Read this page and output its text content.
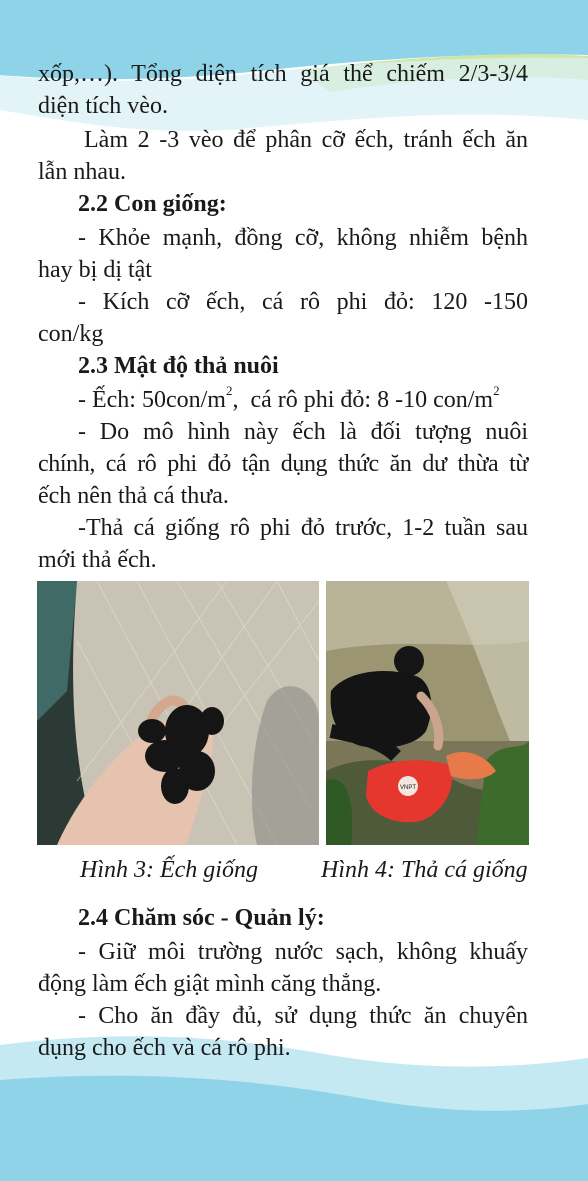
xốp,…). Tổng diện tích giá thể chiếm 2/3-3/4

diện tích vèo.

Làm 2 -3 vèo để phân cỡ ếch, tránh ếch ăn

lẫn nhau.

2.2 Con giống:

- Khỏe mạnh, đồng cỡ, không nhiễm bệnh

hay bị dị tật

- Kích cỡ ếch, cá rô phi đỏ: 120 -150

con/kg

2.3 Mật độ thả nuôi

- Ếch: $50con/m^2$,  cá rô phi đỏ: 8 -10 con/$m^2$

- Do mô hình này ếch là đối tượng nuôi

chính, cá rô phi đỏ tận dụng thức ăn dư thừa từ

ếch nên thả cá thưa.

-Thả cá giống rô phi đỏ trước, 1-2 tuần sau

mới thả ếch.

VNPT
Hình 3: Ếch giống	Hình 4: Thả cá giống

2.4 Chăm sóc - Quản lý:

- Giữ môi trường nước sạch, không khuấy

động làm ếch giật mình căng thẳng.

- Cho ăn đầy đủ, sử dụng thức ăn chuyên

dụng cho ếch và cá rô phi.
